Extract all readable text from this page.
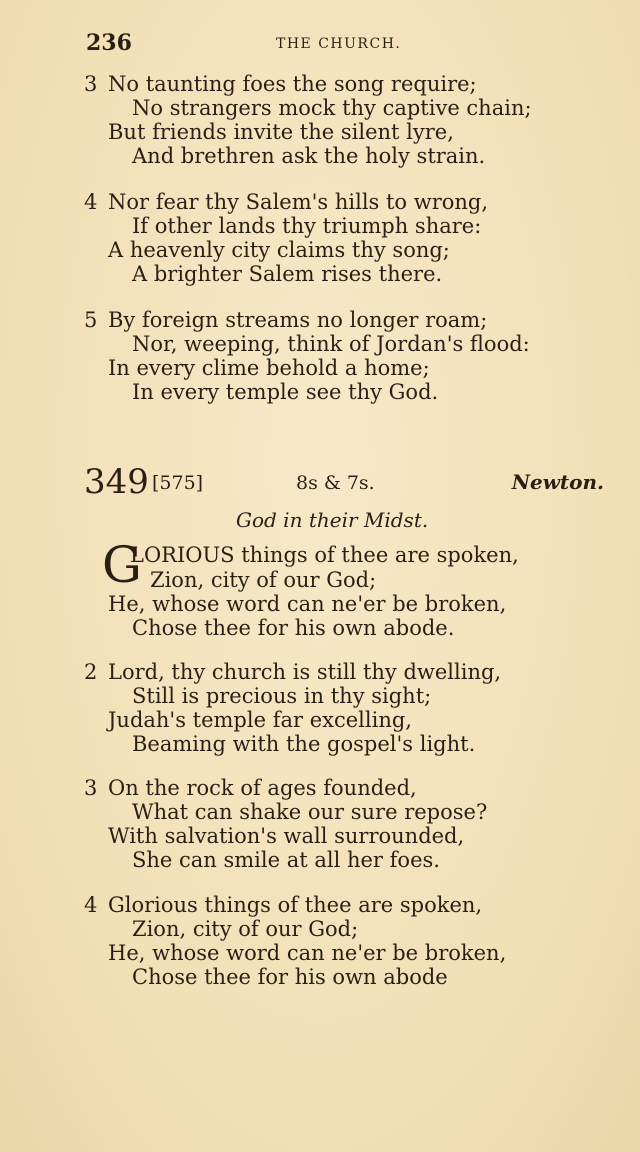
236	THE CHURCH.
3 No taunting foes the song require;
No strangers mock thy captive chain;
But friends invite the silent lyre,
And brethren ask the holy strain.
4 Nor fear thy Salem's hills to wrong,
If other lands thy triumph share:
A heavenly city claims thy song;
A brighter Salem rises there.
5 By foreign streams no longer roam;
Nor, weeping, think of Jordan's flood:
In every clime behold a home;
In every temple see thy God.
349 [575]	8s & 7s.	Newton.
God in their Midst.
G
LORIOUS things of thee are spoken,
Zion, city of our God;
He, whose word can ne'er be broken,
Chose thee for his own abode.
2 Lord, thy church is still thy dwelling,
Still is precious in thy sight;
Judah's temple far excelling,
Beaming with the gospel's light.
3 On the rock of ages founded,
What can shake our sure repose?
With salvation's wall surrounded,
She can smile at all her foes.
4 Glorious things of thee are spoken,
Zion, city of our God;
He, whose word can ne'er be broken,
Chose thee for his own abode
